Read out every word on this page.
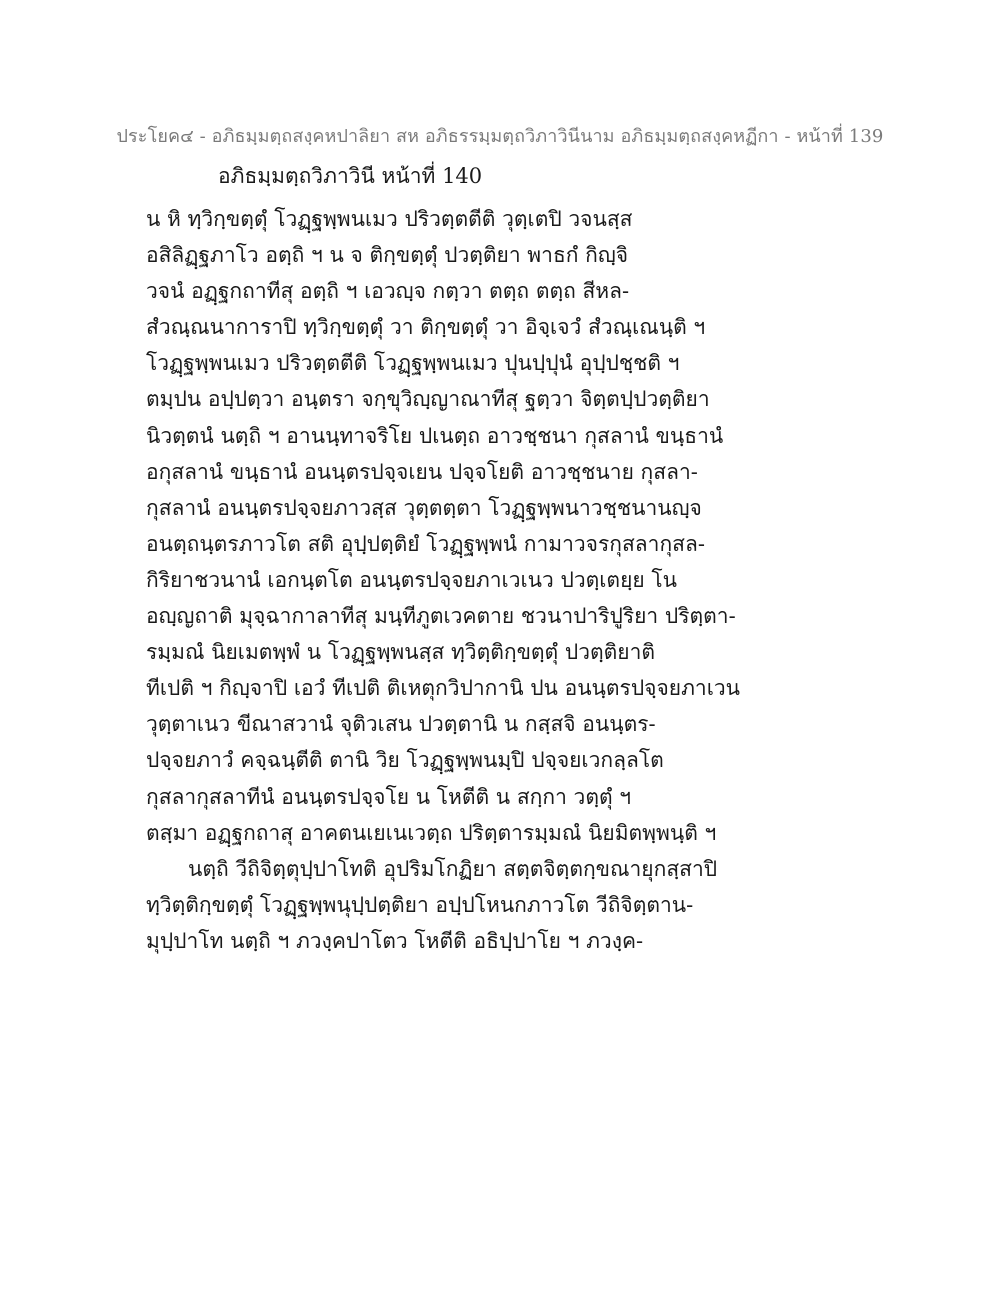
ประโยค๔ - อภิธมฺมตฺถสงฺคหปาลิยา สห อภิธรรมฺมตฺถวิภาวินีนาม อภิธมฺมตฺถสงฺคหฏีกา - หน้าที่ 139
อภิธมฺมตฺถวิภาวินี หน้าที่ 140
น หิ ทฺวิกฺขตฺตุํ โวฏฺฐพฺพนเมว ปริวตฺตตีติ วุตฺเตปิ วจนสฺส
อสิลิฏฺฐภาโว อตฺถิ ฯ น จ ติกฺขตฺตุํ ปวตฺติยา พาธกํ กิญฺจิ
วจนํ อฏฺฐกถาทีสุ อตฺถิ ฯ เอวญฺจ กตฺวา ตตฺถ ตตฺถ สีหล-
สํวณฺณนาการาปิ ทฺวิกฺขตฺตุํ วา ติกฺขตฺตุํ วา อิจฺเจวํ สํวณฺเณนฺติ ฯ
โวฏฺฐพฺพนเมว ปริวตฺตตีติ โวฏฺฐพฺพนเมว ปุนปฺปุนํ อุปฺปชฺชติ ฯ
ตมฺปน อปฺปตฺวา อนฺตรา จกฺขุวิญฺญาณาทีสุ ฐตฺวา จิตฺตปฺปวตฺติยา
นิวตฺตนํ นตฺถิ ฯ อานนฺทาจริโย ปเนตฺถ อาวชฺชนา กุสลานํ ขนฺธานํ
อกุสลานํ ขนฺธานํ อนนฺตรปจฺจเยน ปจฺจโยติ อาวชฺชนาย กุสลา-
กุสลานํ อนนฺตรปจฺจยภาวสฺส วุตฺตตฺตา โวฏฺฐพฺพนาวชฺชนานญฺจ
อนตฺถนฺตรภาวโต สติ อุปฺปตฺติยํ โวฏฺฐพฺพนํ กามาวจรกุสลากุสล-
กิริยาชวนานํ เอกนฺตโต อนนฺตรปจฺจยภาเวเนว ปวตฺเตยฺย โน
อญฺญถาติ มุจฺฉากาลาทีสุ มนฺทีภูตเวคตาย ชวนาปาริปูริยา ปริตฺตา-
รมฺมณํ นิยเมตพฺพํ น โวฏฺฐพฺพนสฺส ทฺวิตฺติกฺขตฺตุํ ปวตฺติยาติ
ทีเปติ ฯ กิญฺจาปิ เอวํ ทีเปติ ติเหตุกวิปากานิ ปน อนนฺตรปจฺจยภาเวน
วุตฺตาเนว ขีณาสวานํ จุติวเสน ปวตฺตานิ น กสฺสจิ อนนฺตร-
ปจฺจยภาวํ คจฺฉนฺตีติ ตานิ วิย โวฏฺฐพฺพนมฺปิ ปจฺจยเวกลฺลโต
กุสลากุสลาทีนํ อนนฺตรปจฺจโย น โหตีติ น สกฺกา วตฺตุํ ฯ
ตสฺมา อฏฺฐกถาสุ อาคตนเยเนเวตฺถ ปริตฺตารมฺมณํ นิยมิตพฺพนฺติ ฯ
นตฺถิ วีถิจิตฺตุปฺปาโทติ อุปริมโกฏิยา สตฺตจิตฺตกฺขณายุกสฺสาปิ
ทฺวิตฺติกฺขตฺตุํ โวฏฺฐพฺพนุปฺปตฺติยา อปฺปโหนกภาวโต วีถิจิตฺตาน-
มุปฺปาโท นตฺถิ ฯ ภวงฺคปาโตว โหตีติ อธิปฺปาโย ฯ ภวงฺค-
